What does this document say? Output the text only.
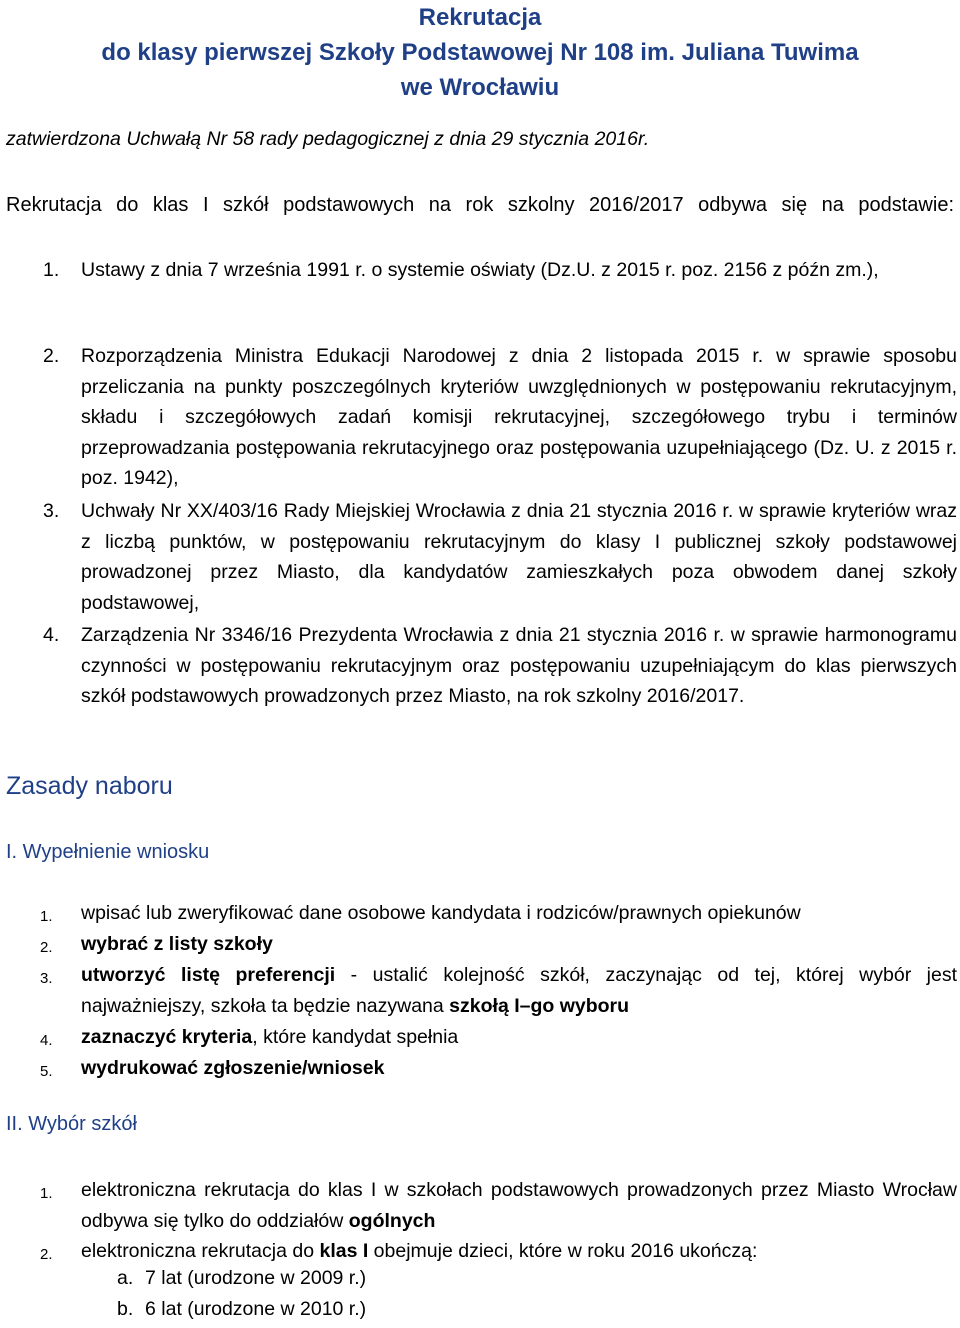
Rekrutacja
do klasy pierwszej Szkoły Podstawowej Nr 108 im. Juliana Tuwima
we Wrocławiu
zatwierdzona Uchwałą Nr 58 rady pedagogicznej z dnia 29 stycznia 2016r.
Rekrutacja do klas I szkół podstawowych na rok szkolny 2016/2017 odbywa się na podstawie:
1.	Ustawy z dnia 7 września 1991 r. o systemie oświaty (Dz.U. z 2015 r. poz. 2156 z późn zm.),
2.	Rozporządzenia Ministra Edukacji Narodowej z dnia 2 listopada 2015 r. w sprawie sposobu przeliczania na punkty poszczególnych kryteriów uwzględnionych w postępowaniu rekrutacyjnym, składu i szczegółowych zadań komisji rekrutacyjnej, szczegółowego trybu i terminów przeprowadzania postępowania rekrutacyjnego oraz postępowania uzupełniającego (Dz. U. z 2015 r. poz. 1942),
3.	Uchwały Nr XX/403/16 Rady Miejskiej Wrocławia z dnia 21 stycznia 2016 r. w sprawie kryteriów wraz z liczbą punktów, w postępowaniu rekrutacyjnym do klasy I publicznej szkoły podstawowej prowadzonej przez Miasto, dla kandydatów zamieszkałych poza obwodem danej szkoły podstawowej,
4.	Zarządzenia Nr 3346/16 Prezydenta Wrocławia z dnia 21 stycznia 2016 r. w sprawie harmonogramu czynności w postępowaniu rekrutacyjnym oraz postępowaniu uzupełniającym do klas pierwszych szkół podstawowych prowadzonych przez Miasto, na rok szkolny 2016/2017.
Zasady naboru
I. Wypełnienie wniosku
1.	wpisać lub zweryfikować dane osobowe kandydata i rodziców/prawnych opiekunów
2.	wybrać z listy szkoły
3.	utworzyć listę preferencji - ustalić kolejność szkół, zaczynając od tej, której wybór jest najważniejszy, szkoła ta będzie nazywana szkołą I–go wyboru
4.	zaznaczyć kryteria, które kandydat spełnia
5.	wydrukować zgłoszenie/wniosek
II. Wybór szkół
1.	elektroniczna rekrutacja do klas I w szkołach podstawowych prowadzonych przez Miasto Wrocław odbywa się tylko do oddziałów ogólnych
2.	elektroniczna rekrutacja do klas I obejmuje dzieci, które w roku 2016 ukończą:
a. 7 lat (urodzone w 2009 r.)
b. 6 lat (urodzone w 2010 r.)
